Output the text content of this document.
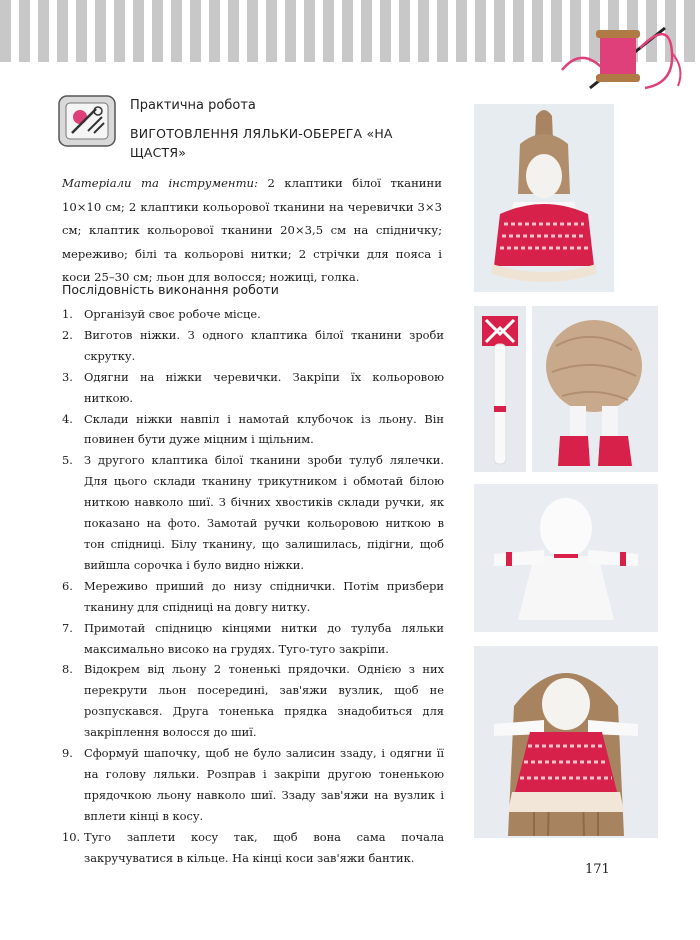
Практична робота
ВИГОТОВЛЕННЯ ЛЯЛЬКИ-ОБЕРЕГА «НА ЩАСТЯ»

Матеріали та інструменти: 2 клаптики білої тканини 10×10 см; 2 клаптики кольорової тканини на черевички 3×3 см; клаптик кольорової тканини 20×3,5 см на спідничку; мереживо; білі та кольорові нитки; 2 стрічки для пояса і коси 25–30 см; льон для волосся; ножиці, голка.

Послідовність виконання роботи
1. Організуй своє робоче місце.
2. Виготов ніжки. З одного клаптика білої тканини зроби скрутку.
3. Одягни на ніжки черевички. Закріпи їх кольоровою ниткою.
4. Склади ніжки навпіл і намотай клубочок із льону. Він повинен бути дуже міцним і щільним.
5. З другого клаптика білої тканини зроби тулуб лялечки. Для цього склади тканину трикутником і обмотай білою ниткою навколо шиї. З бічних хвостиків склади ручки, як показано на фото. Замотай ручки кольоровою ниткою в тон спідниці. Білу тканину, що залишилась, підігни, щоб вийшла сорочка і було видно ніжки.
6. Мереживо приший до низу спіднички. Потім призбери тканину для спідниці на довгу нитку.
7. Примотай спідницю кінцями нитки до тулуба ляльки максимально високо на грудях. Туго-туго закріпи.
8. Відокрем від льону 2 тоненькі прядочки. Однією з них перекрути льон посередині, зав'яжи вузлик, щоб не розпускався. Друга тоненька прядка знадобиться для закріплення волосся до шиї.
9. Сформуй шапочку, щоб не було залисин ззаду, і одягни її на голову ляльки. Розправ і закріпи другою тоненькою прядочкою льону навколо шиї. Ззаду зав'яжи на вузлик і вплети кінці в косу.
10. Туго заплети косу так, щоб вона сама почала закручуватися в кільце. На кінці коси зав'яжи бантик.
171
